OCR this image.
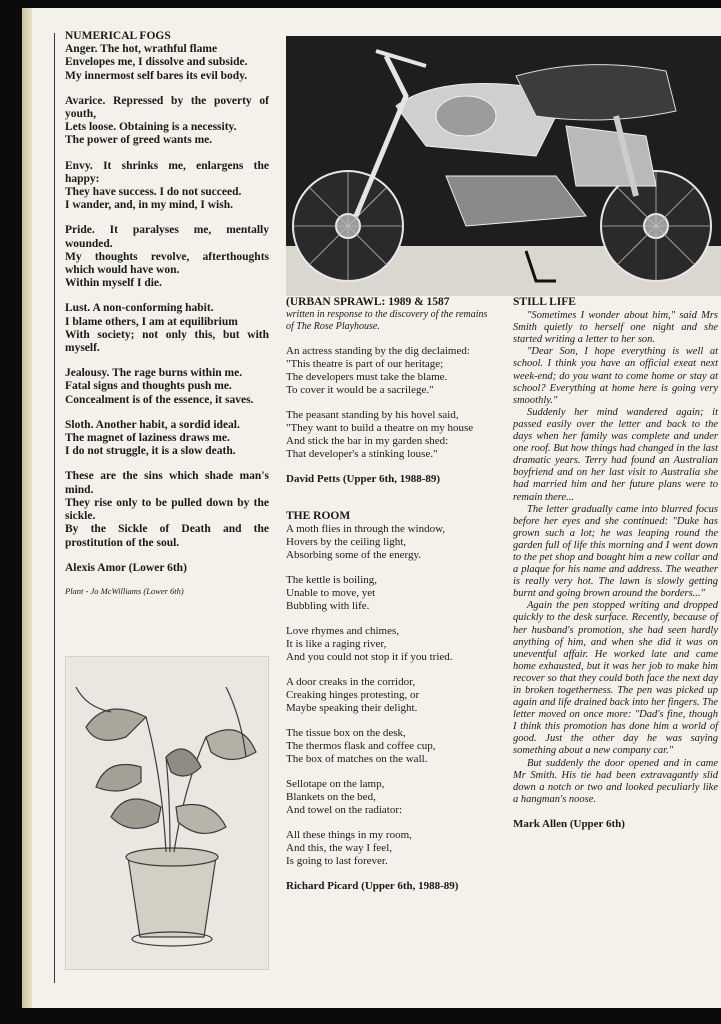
NUMERICAL FOGS
Anger. The hot, wrathful flame
Envelopes me, I dissolve and subside.
My innermost self bares its evil body.
Avarice. Repressed by the poverty of youth,
Lets loose. Obtaining is a necessity.
The power of greed wants me.
Envy. It shrinks me, enlargens the happy:
They have success. I do not succeed.
I wander, and, in my mind, I wish.
Pride. It paralyses me, mentally wounded.
My thoughts revolve, afterthoughts which would have won.
Within myself I die.
Lust. A non-conforming habit.
I blame others, I am at equilibrium
With society; not only this, but with myself.
Jealousy. The rage burns within me.
Fatal signs and thoughts push me.
Concealment is of the essence, it saves.
Sloth. Another habit, a sordid ideal.
The magnet of laziness draws me.
I do not struggle, it is a slow death.
These are the sins which shade man's mind.
They rise only to be pulled down by the sickle.
By the Sickle of Death and the prostitution of the soul.
Alexis Amor (Lower 6th)
Plant - Jo McWilliams (Lower 6th)
(URBAN SPRAWL: 1989 & 1587
written in response to the discovery of the remains of The Rose Playhouse.
An actress standing by the dig declaimed:
"This theatre is part of our heritage;
The developers must take the blame.
To cover it would be a sacrilege."
The peasant standing by his hovel said,
"They want to build a theatre on my house
And stick the bar in my garden shed:
That developer's a stinking louse."
David Petts (Upper 6th, 1988-89)
THE ROOM
A moth flies in through the window,
Hovers by the ceiling light,
Absorbing some of the energy.
The kettle is boiling,
Unable to move, yet
Bubbling with life.
Love rhymes and chimes,
It is like a raging river,
And you could not stop it if you tried.
A door creaks in the corridor,
Creaking hinges protesting, or
Maybe speaking their delight.
The tissue box on the desk,
The thermos flask and coffee cup,
The box of matches on the wall.
Sellotape on the lamp,
Blankets on the bed,
And towel on the radiator:
All these things in my room,
And this, the way I feel,
Is going to last forever.
Richard Picard (Upper 6th, 1988-89)
STILL LIFE
"Sometimes I wonder about him," said Mrs Smith quietly to herself one night and she started writing a letter to her son.
"Dear Son, I hope everything is well at school. I think you have an official exeat next week-end; do you want to come home or stay at school? Everything at home here is going very smoothly."
Suddenly her mind wandered again; it passed easily over the letter and back to the days when her family was complete and under one roof. But how things had changed in the last dramatic years. Terry had found an Australian boyfriend and on her last visit to Australia she had married him and her future plans were to remain there...
The letter gradually came into blurred focus before her eyes and she continued: "Duke has grown such a lot; he was leaping round the garden full of life this morning and I went down to the pet shop and bought him a new collar and a plaque for his name and address. The weather is really very hot. The lawn is slowly getting burnt and going brown around the borders..."
Again the pen stopped writing and dropped quickly to the desk surface. Recently, because of her husband's promotion, she had seen hardly anything of him, and when she did it was on uneventful affair. He worked late and came home exhausted, but it was her job to make him recover so that they could both face the next day in broken togetherness. The pen was picked up again and life drained back into her fingers. The letter moved on once more: "Dad's fine, though I think this promotion has done him a world of good. Just the other day he was saying something about a new company car."
But suddenly the door opened and in came Mr Smith. His tie had been extravagantly slid down a notch or two and looked peculiarly like a hangman's noose.
Mark Allen (Upper 6th)
